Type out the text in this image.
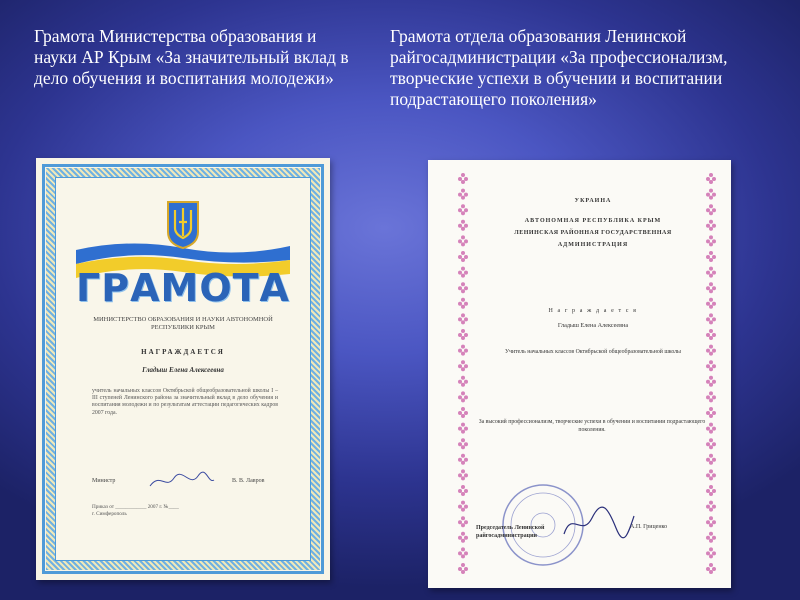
Грамота Министерства образования и науки АР Крым «За значительный вклад в дело обучения и воспитания молодежи»
Грамота отдела образования Ленинской райгосадминистрации «За профессионализм, творческие успехи в обучении и воспитании подрастающего поколения»
ГРАМОТА
МИНИСТЕРСТВО ОБРАЗОВАНИЯ И НАУКИ АВТОНОМНОЙ РЕСПУБЛИКИ КРЫМ
НАГРАЖДАЕТСЯ
Гладыш Елена Алексеевна
учитель начальных классов Октябрьской общеобразовательной школы I – III ступеней Ленинского района за значительный вклад в дело обучения и воспитания молодежи и по результатам аттестации педагогических кадров 2007 года.
Министр	В. В. Лавров
Приказ от ____________ 2007 г. №____
г. Симферополь
УКРАИНА
АВТОНОМНАЯ РЕСПУБЛИКА КРЫМ
ЛЕНИНСКАЯ РАЙОННАЯ ГОСУДАРСТВЕННАЯ
АДМИНИСТРАЦИЯ
Н а г р а ж д а е т с я
Гладыш Елена Алексеевна
Учитель начальных классов Октябрьской общеобразовательной школы
За высокий профессионализм, творческие успехи в обучении и воспитании подрастающего поколения.
Председатель Ленинской райгосадминистрации
А.П. Гриценко
